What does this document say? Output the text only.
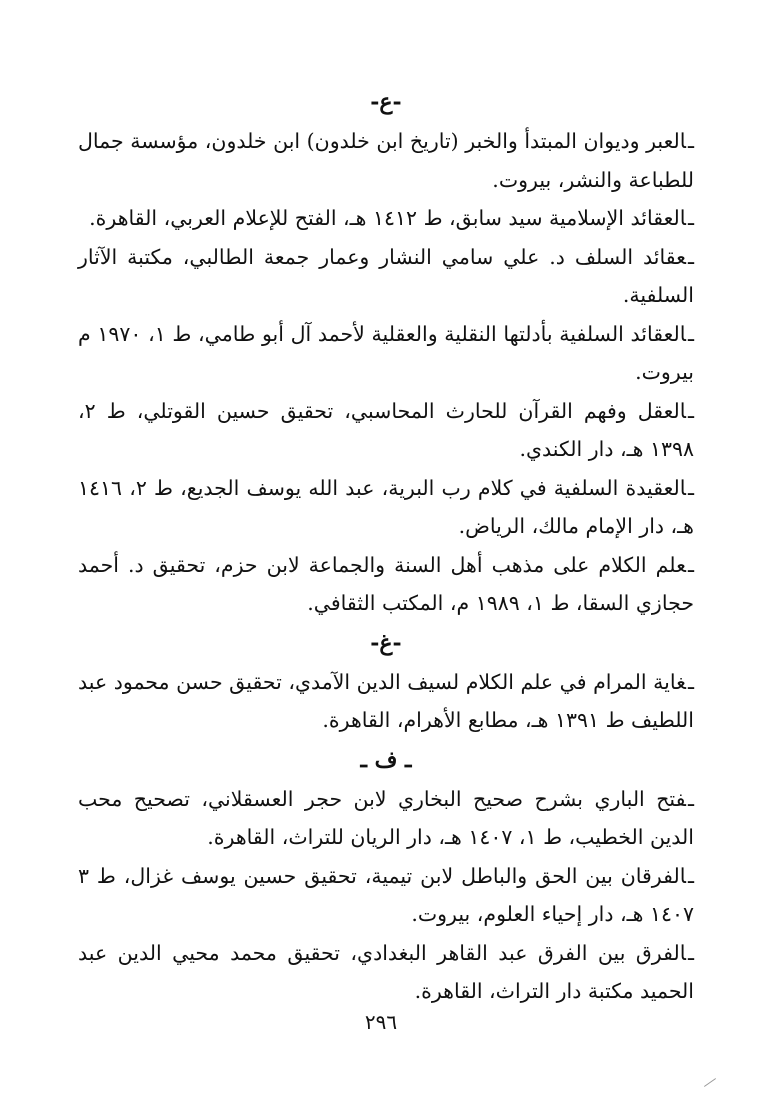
-ع-

ـالعبر وديوان المبتدأ والخبر (تاريخ ابن خلدون) ابن خلدون، مؤسسة جمال للطباعة والنشر، بيروت.

ـالعقائد الإسلامية سيد سابق، ط ١٤١٢ هـ، الفتح للإعلام العربي، القاهرة.

ـعقائد السلف د. علي سامي النشار وعمار جمعة الطالبي، مكتبة الآثار السلفية.

ـالعقائد السلفية بأدلتها النقلية والعقلية لأحمد آل أبو طامي، ط ١، ١٩٧٠ م بيروت.

ـالعقل وفهم القرآن للحارث المحاسبي، تحقيق حسين القوتلي، ط ٢، ١٣٩٨ هـ، دار الكندي.

ـالعقيدة السلفية في كلام رب البرية، عبد الله يوسف الجديع، ط ٢، ١٤١٦ هـ، دار الإمام مالك، الرياض.

ـعلم الكلام على مذهب أهل السنة والجماعة لابن حزم، تحقيق د. أحمد حجازي السقا، ط ١، ١٩٨٩ م، المكتب الثقافي.

-غ-

ـغاية المرام في علم الكلام لسيف الدين الآمدي، تحقيق حسن محمود عبد اللطيف ط ١٣٩١ هـ، مطابع الأهرام، القاهرة.

ـ ف ـ

ـفتح الباري بشرح صحيح البخاري لابن حجر العسقلاني، تصحيح محب الدين الخطيب، ط ١، ١٤٠٧ هـ، دار الريان للتراث، القاهرة.

ـالفرقان بين الحق والباطل لابن تيمية، تحقيق حسين يوسف غزال، ط ٣ ١٤٠٧ هـ، دار إحياء العلوم، بيروت.

ـالفرق بين الفرق عبد القاهر البغدادي، تحقيق محمد محيي الدين عبد الحميد مكتبة دار التراث، القاهرة.

٢٩٦
